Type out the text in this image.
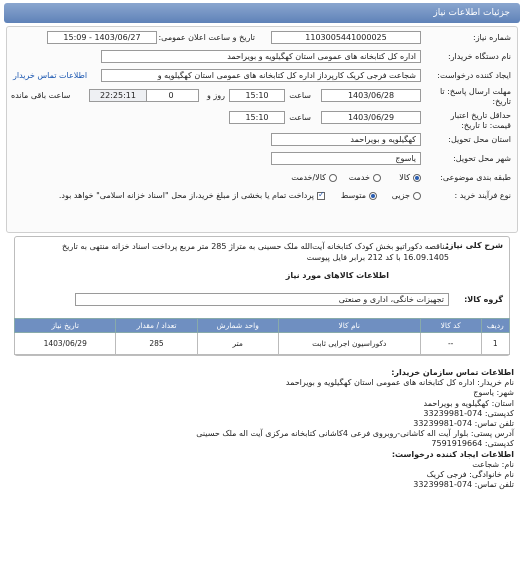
جزئیات اطلاعات نیاز
شماره نیاز:
1103005441000025
تاریخ و ساعت اعلان عمومی:
1403/06/27 - 15:09
نام دستگاه خریدار:
اداره کل کتابخانه های عمومی استان کهگیلویه و بویراحمد
ایجاد کننده درخواست:
شجاعت فرجی کریک کارپرداز اداره کل کتابخانه های عمومی استان کهگیلویه و
اطلاعات تماس خریدار
مهلت ارسال پاسخ: تا
تاریخ:
1403/06/28
ساعت
15:10
روز و
0
22:25:11
ساعت باقی مانده
حداقل تاریخ اعتبار
قیمت: تا تاریخ:
1403/06/29
ساعت
15:10
استان محل تحویل:
کهگیلویه و بویراحمد
شهر محل تحویل:
یاسوج
طبقه بندی موضوعی:
کالا
خدمت
کالا/خدمت
نوع فرآیند خرید :
جزیی
متوسط
✓
پرداخت تمام یا بخشی از مبلغ خرید،از محل "اسناد خزانه اسلامی" خواهد بود.
شرح کلی نیاز:
مناقصه دکوراتیو بخش کودک کتابخانه آیت‌الله ملک حسینی به متراژ 285 متر مربع پرداخت اسناد خزانه منتهی به تاریخ 16.09.1405 با کد 212 برابر فایل پیوست
اطلاعات کالاهای مورد نیاز
گروه کالا:
تجهیزات خانگی، اداری و صنعتی
ردیف	کد کالا	نام کالا	واحد شمارش	تعداد / مقدار	تاریخ نیاز
1	--	دکوراسیون اجرایی ثابت	متر	285	1403/06/29
اطلاعات تماس سازمان خریدار:
نام خریدار: اداره کل کتابخانه های عمومی استان کهگیلویه و بویراحمد
شهر: یاسوج
استان: کهگیلویه و بویراحمد
کدپستی: 074-33239981
تلفن تماس: 074-33239981
آدرس پستی: بلوار آیت اله کاشانی-روبروی فرعی 4کاشانی کتابخانه مرکزی آیت اله ملک حسینی
کدپستی: 7591919664
اطلاعات ایجاد کننده درخواست:
نام: شجاعت
نام خانوادگی: فرجی کریک
تلفن تماس: 074-33239981
